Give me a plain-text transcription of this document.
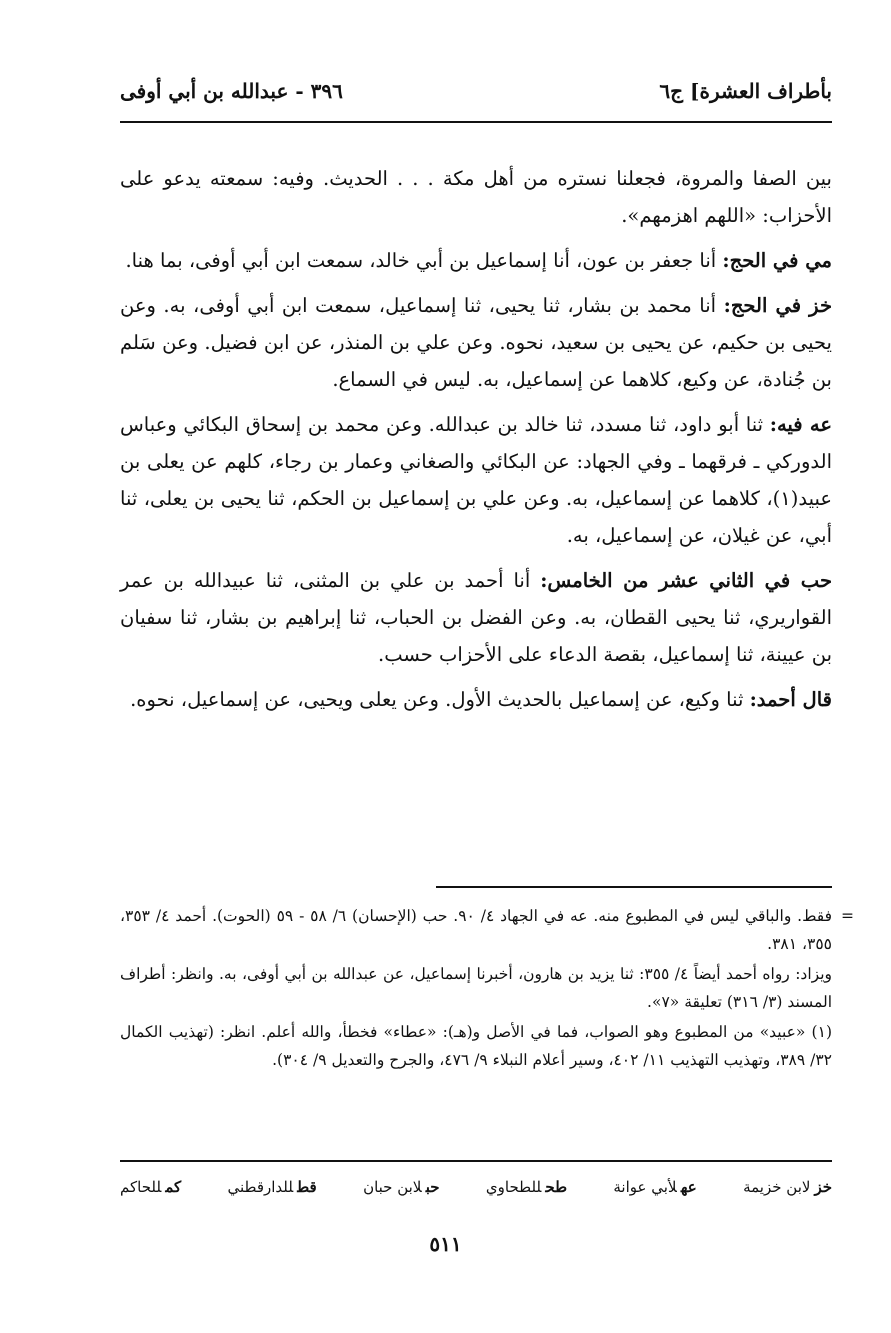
بأطراف العشرة] ج٦
٣٩٦ - عبدالله بن أبي أوفى

بين الصفا والمروة، فجعلنا نستره من أهل مكة . . . الحديث. وفيه: سمعته يدعو على الأحزاب: «اللهم اهزمهم».

مي في الحج: أنا جعفر بن عون، أنا إسماعيل بن أبي خالد، سمعت ابن أبي أوفى، بما هنا.

خز في الحج: أنا محمد بن بشار، ثنا يحيى، ثنا إسماعيل، سمعت ابن أبي أوفى، به. وعن يحيى بن حكيم، عن يحيى بن سعيد، نحوه. وعن علي بن المنذر، عن ابن فضيل. وعن سَلم بن جُنادة، عن وكيع، كلاهما عن إسماعيل، به. ليس في السماع.

عه فيه: ثنا أبو داود، ثنا مسدد، ثنا خالد بن عبدالله. وعن محمد بن إسحاق البكائي وعباس الدوركي ـ فرقهما ـ وفي الجهاد: عن البكائي والصغاني وعمار بن رجاء، كلهم عن يعلى بن عبيد(١)، كلاهما عن إسماعيل، به. وعن علي بن إسماعيل بن الحكم، ثنا يحيى بن يعلى، ثنا أبي، عن غيلان، عن إسماعيل، به.

حب في الثاني عشر من الخامس: أنا أحمد بن علي بن المثنى، ثنا عبيدالله بن عمر القواريري، ثنا يحيى القطان، به. وعن الفضل بن الحباب، ثنا إبراهيم بن بشار، ثنا سفيان بن عيينة، ثنا إسماعيل، بقصة الدعاء على الأحزاب حسب.

قال أحمد: ثنا وكيع، عن إسماعيل بالحديث الأول. وعن يعلى ويحيى، عن إسماعيل، نحوه.

=
فقط. والباقي ليس في المطبوع منه. عه في الجهاد ٤/ ٩٠. حب (الإحسان) ٦/ ٥٨ - ٥٩ (الحوت). أحمد ٤/ ٣٥٣، ٣٥٥، ٣٨١.

ويزاد: رواه أحمد أيضاً ٤/ ٣٥٥: ثنا يزيد بن هارون، أخبرنا إسماعيل، عن عبدالله بن أبي أوفى، به. وانظر: أطراف المسند (٣/ ٣١٦) تعليقة «٧».

(١) «عبيد» من المطبوع وهو الصواب، فما في الأصل و(هـ): «عطاء» فخطأ، والله أعلم. انظر: (تهذيب الكمال ٣٢/ ٣٨٩، وتهذيب التهذيب ١١/ ٤٠٢، وسير أعلام النبلاء ٩/ ٤٧٦، والجرح والتعديل ٩/ ٣٠٤).

خزلابن خزيمة
عهلأبي عوانة
طحللطحاوي
حبلابن حبان
قطللدارقطني
كمللحاكم
٥١١
